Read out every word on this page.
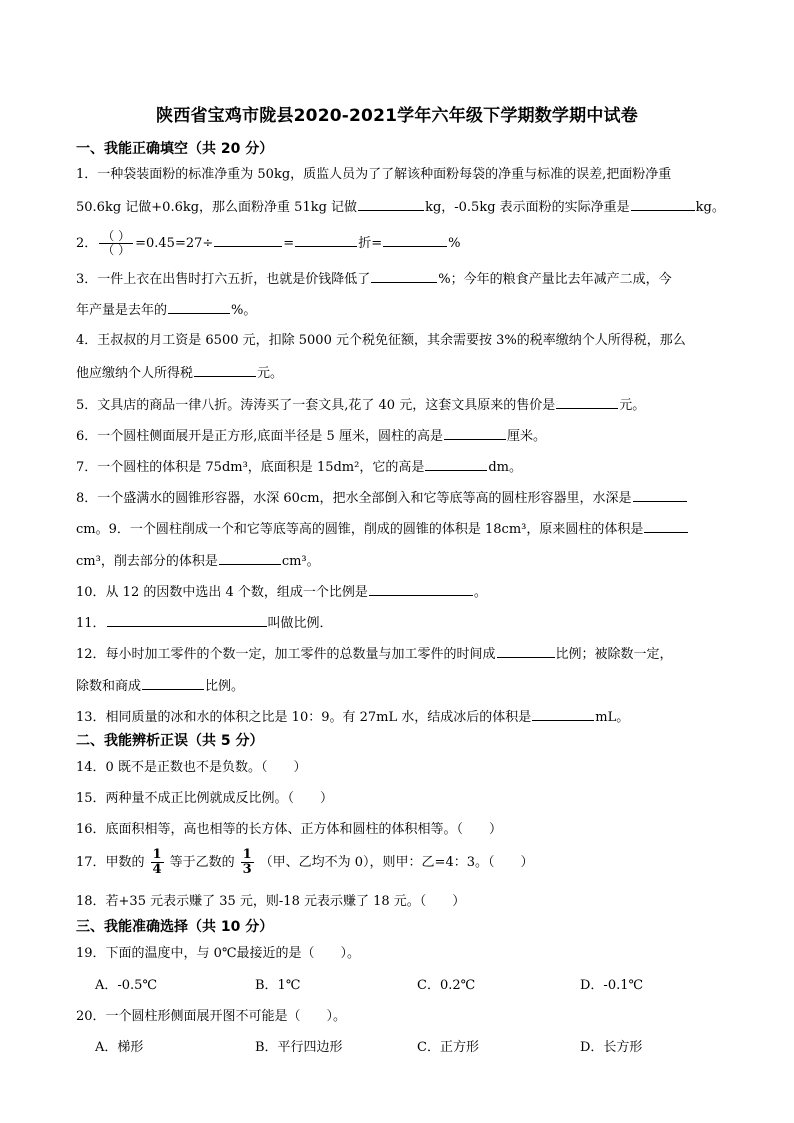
陕西省宝鸡市陇县2020-2021学年六年级下学期数学期中试卷
一、我能正确填空（共 20 分）
1．一种袋装面粉的标准净重为 50kg，质监人员为了了解该种面粉每袋的净重与标准的误差,把面粉净重
50.6kg 记做+0.6kg，那么面粉净重 51kg 记做	kg，-0.5kg 表示面粉的实际净重是	kg。
2． $\frac{( )}{( )} =0.45=27\div$	=	折=	%
3．一件上衣在出售时打六五折，也就是价钱降低了	%；今年的粮食产量比去年减产二成，今
年产量是去年的	%。
4．王叔叔的月工资是 6500 元，扣除 5000 元个税免征额，其余需要按 3%的税率缴纳个人所得税，那么
他应缴纳个人所得税	元。
5．文具店的商品一律八折。涛涛买了一套文具,花了 40 元，这套文具原来的售价是	元。
6．一个圆柱侧面展开是正方形,底面半径是 5 厘米，圆柱的高是	厘米。
7．一个圆柱的体积是 75dm³，底面积是 15dm²，它的高是	dm。
8．一个盛满水的圆锥形容器，水深 60cm，把水全部倒入和它等底等高的圆柱形容器里，水深是
cm。9．一个圆柱削成一个和它等底等高的圆锥，削成的圆锥的体积是 18cm³，原来圆柱的体积是
cm³，削去部分的体积是	cm³。
10．从 12 的因数中选出 4 个数，组成一个比例是	。
11．	叫做比例．
12．每小时加工零件的个数一定，加工零件的总数量与加工零件的时间成	比例；被除数一定，
除数和商成	比例。
13．相同质量的冰和水的体积之比是 10：9。有 27mL 水，结成冰后的体积是	mL。
二、我能辨析正误（共 5 分）
14．0 既不是正数也不是负数。（　　）
15．两种量不成正比例就成反比例。（　　）
16．底面积相等，高也相等的长方体、正方体和圆柱的体积相等。（　　）
17．甲数的 $\frac{1}{4}$ 等于乙数的 $\frac{1}{3}$ （甲、乙均不为 0），则甲：乙=4：3。（　　）
18．若+35 元表示赚了 35 元，则-18 元表示赚了 18 元。（　　）
三、我能准确选择（共 10 分）
19．下面的温度中，与 0℃最接近的是（　　）。
A．-0.5℃	B．1℃	C．0.2℃	D．-0.1℃
20．一个圆柱形侧面展开图不可能是（　　）。
A．梯形	B．平行四边形	C．正方形	D．长方形
